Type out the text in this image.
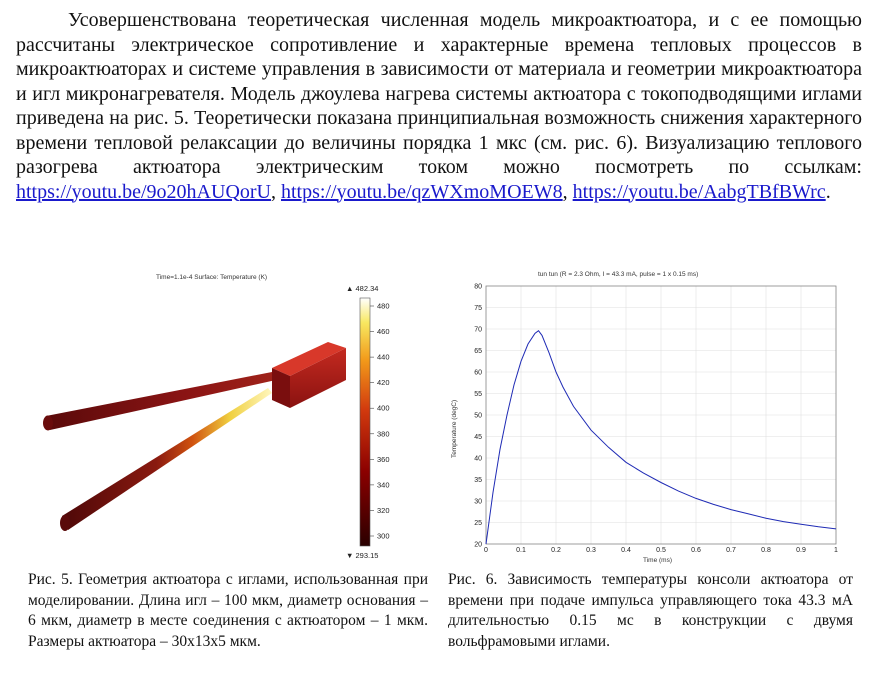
Усовершенствована теоретическая численная модель микроактюатора, и с ее помощью рассчитаны электрическое сопротивление и характерные времена тепловых процессов в микроактюаторах и системе управления в зависимости от материала и геометрии микроактюатора и игл микронагревателя. Модель джоулева нагрева системы актюатора с токоподводящими иглами приведена на рис. 5. Теоретически показана принципиальная возможность снижения характерного времени тепловой релаксации до величины порядка 1 мкс (см. рис. 6). Визуализацию теплового разогрева актюатора электрическим током можно посмотреть по ссылкам: https://youtu.be/9o20hAUQorU, https://youtu.be/qzWXmoMOEW8, https://youtu.be/AabgTBfBWrc.
Time=1.1e-4 Surface: Temperature (K)
▲ 482.34
480
460
440
420
400
380
360
340
320
300
▼ 293.15
tun tun (R = 2.3 Ohm, I = 43.3 mA, pulse = 1 x 0.15 ms)
0	0.1	0.2	0.3	0.4	0.5	0.6	0.7	0.8	0.9	1
20
25
30
35
40
45
50
55
60
65
70
75
80
Time (ms)
Temperature (degC)
Рис. 5. Геометрия актюатора с иглами, использованная при моделировании. Длина игл – 100 мкм, диаметр основания – 6 мкм, диаметр в месте соединения с актюатором – 1 мкм. Размеры актюатора – 30x13x5 мкм.
Рис. 6. Зависимость температуры консоли актюатора от времени при подаче импульса управляющего тока 43.3 мА длительностью 0.15 мс в конструкции с двумя вольфрамовыми иглами.
